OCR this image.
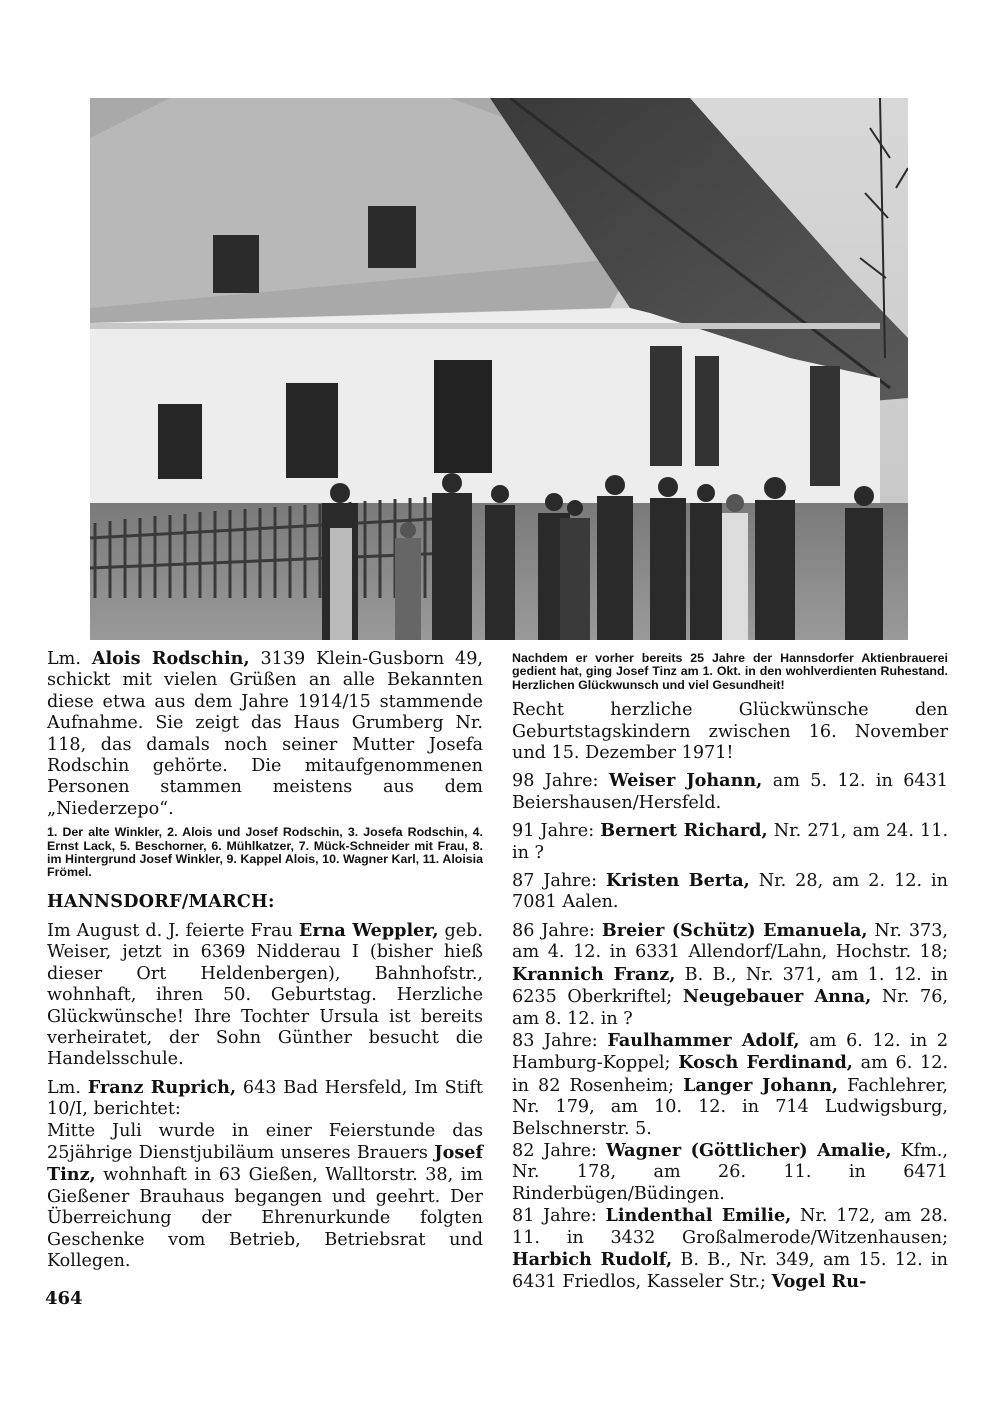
Lm. Alois Rodschin, 3139 Klein-Gusborn 49, schickt mit vielen Grüßen an alle Bekannten diese etwa aus dem Jahre 1914/15 stammende Aufnahme. Sie zeigt das Haus Grumberg Nr. 118, das damals noch seiner Mutter Josefa Rodschin gehörte. Die mitaufgenommenen Personen stammen meistens aus dem „Niederzepo“.

1. Der alte Winkler, 2. Alois und Josef Rodschin, 3. Josefa Rodschin, 4. Ernst Lack, 5. Beschorner, 6. Mühlkatzer, 7. Mück-Schneider mit Frau, 8. im Hintergrund Josef Winkler, 9. Kappel Alois, 10. Wagner Karl, 11. Aloisia Frömel.

HANNSDORF/MARCH:

Im August d. J. feierte Frau Erna Weppler, geb. Weiser, jetzt in 6369 Nidderau I (bisher hieß dieser Ort Heldenbergen), Bahnhofstr., wohnhaft, ihren 50. Geburtstag. Herzliche Glückwünsche! Ihre Tochter Ursula ist bereits verheiratet, der Sohn Günther besucht die Handelsschule.

Lm. Franz Ruprich, 643 Bad Hersfeld, Im Stift 10/I, berichtet:

Mitte Juli wurde in einer Feierstunde das 25jährige Dienstjubiläum unseres Brauers Josef Tinz, wohnhaft in 63 Gießen, Walltorstr. 38, im Gießener Brauhaus begangen und geehrt. Der Überreichung der Ehrenurkunde folgten Geschenke vom Betrieb, Betriebsrat und Kollegen.

Nachdem er vorher bereits 25 Jahre der Hannsdorfer Aktienbrauerei gedient hat, ging Josef Tinz am 1. Okt. in den wohlverdienten Ruhestand. Herzlichen Glückwunsch und viel Gesundheit!

Recht herzliche Glückwünsche den Geburtstagskindern zwischen 16. November und 15. Dezember 1971!

98 Jahre: Weiser Johann, am 5. 12. in 6431 Beiershausen/Hersfeld.

91 Jahre: Bernert Richard, Nr. 271, am 24. 11. in ?

87 Jahre: Kristen Berta, Nr. 28, am 2. 12. in 7081 Aalen.

86 Jahre: Breier (Schütz) Emanuela, Nr. 373, am 4. 12. in 6331 Allendorf/Lahn, Hochstr. 18; Krannich Franz, B. B., Nr. 371, am 1. 12. in 6235 Oberkriftel; Neugebauer Anna, Nr. 76, am 8. 12. in ?

83 Jahre: Faulhammer Adolf, am 6. 12. in 2 Hamburg-Koppel; Kosch Ferdinand, am 6. 12. in 82 Rosenheim; Langer Johann, Fachlehrer, Nr. 179, am 10. 12. in 714 Ludwigsburg, Belschnerstr. 5.

82 Jahre: Wagner (Göttlicher) Amalie, Kfm., Nr. 178, am 26. 11. in 6471 Rinderbügen/Büdingen.

81 Jahre: Lindenthal Emilie, Nr. 172, am 28. 11. in 3432 Großalmerode/Witzenhausen; Harbich Rudolf, B. B., Nr. 349, am 15. 12. in 6431 Friedlos, Kasseler Str.; Vogel Ru-

464
